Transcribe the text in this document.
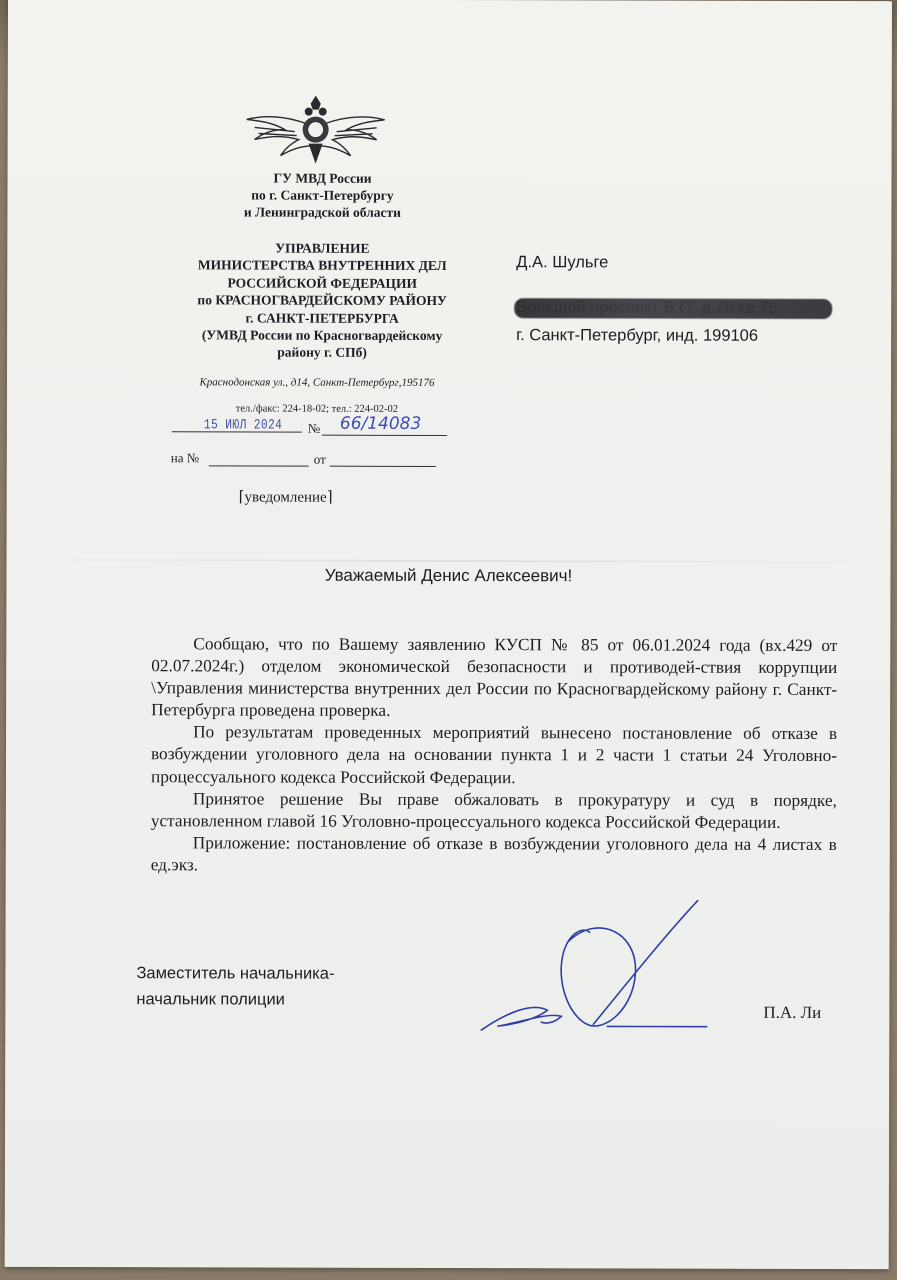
ГУ МВД России
по г. Санкт-Петербургу
и Ленинградской области
УПРАВЛЕНИЕ
МИНИСТЕРСТВА ВНУТРЕННИХ ДЕЛ
РОССИЙСКОЙ ФЕДЕРАЦИИ
по КРАСНОГВАРДЕЙСКОМУ РАЙОНУ
г. САНКТ-ПЕТЕРБУРГА
(УМВД России по Красногвардейскому
району г. СПб)
Краснодонская ул., д14, Санкт-Петербург,195176
тел./факс: 224-18-02; тел.: 224-02-02
15 ИЮЛ 2024 № 66/14083
на №	от
⌈уведомление⌉
Д.А. Шульге
г. Санкт-Петербург, инд. 199106
Уважаемый Денис Алексеевич!

Сообщаю, что по Вашему заявлению КУСП № 85 от 06.01.2024 года (вх.429 от 02.07.2024г.) отделом экономической безопасности и противодей-ствия коррупции \Управления министерства внутренних дел России по Красногвардейскому району г. Санкт-Петербурга проведена проверка.

По результатам проведенных мероприятий вынесено постановление об отказе в возбуждении уголовного дела на основании пункта 1 и 2 части 1 статьи 24 Уголовно-процессуального кодекса Российской Федерации.

Принятое решение Вы праве обжаловать в прокуратуру и суд в порядке, установленном главой 16 Уголовно-процессуального кодекса Российской Федерации.

Приложение: постановление об отказе в возбуждении уголовного дела на 4 листах в ед.экз.

Заместитель начальника-
начальник полиции
П.А. Ли
